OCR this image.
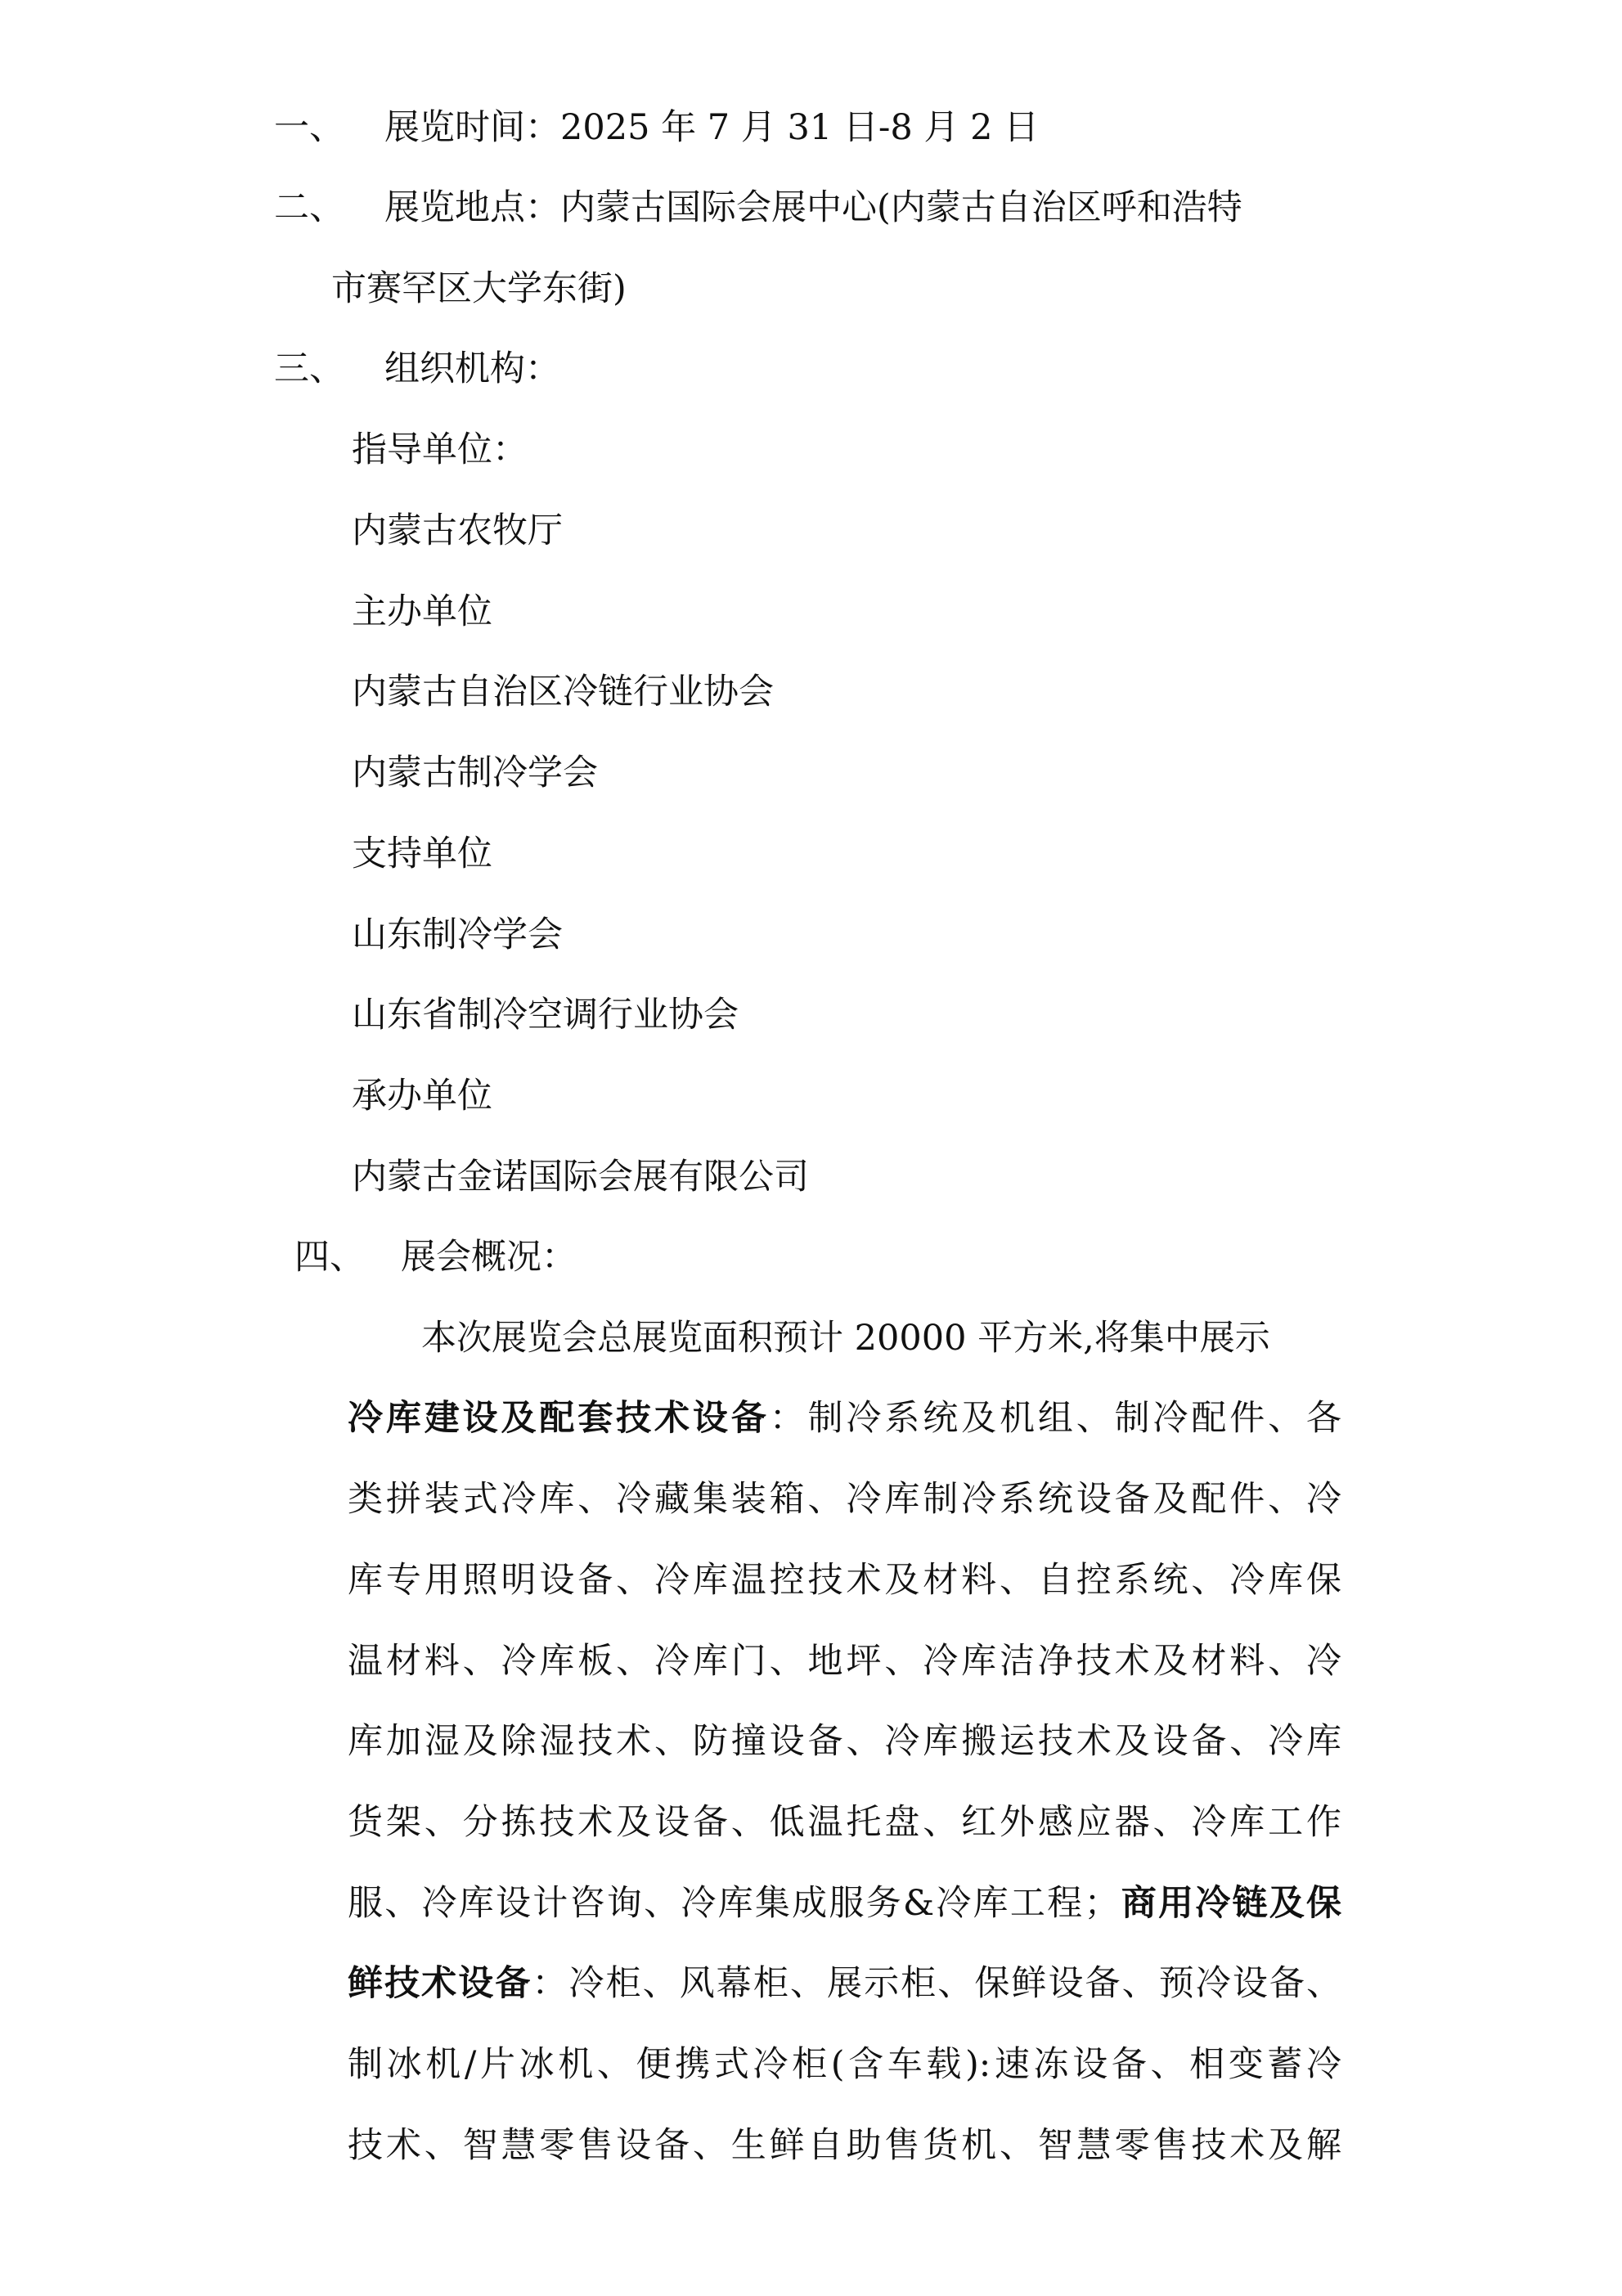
一、 展览时间：2025 年 7 月 31 日-8 月 2 日
二、 展览地点：内蒙古国际会展中心(内蒙古自治区呼和浩特
市赛罕区大学东街)
三、 组织机构：
指导单位：
内蒙古农牧厅
主办单位
内蒙古自治区冷链行业协会
内蒙古制冷学会
支持单位
山东制冷学会
山东省制冷空调行业协会
承办单位
内蒙古金诺国际会展有限公司
四、 展会概况：
本次展览会总展览面积预计 20000 平方米,将集中展示
冷库建设及配套技术设备：制冷系统及机组、制冷配件、各
类拼装式冷库、冷藏集装箱、冷库制冷系统设备及配件、冷
库专用照明设备、冷库温控技术及材料、自控系统、冷库保
温材料、冷库板、冷库门、地坪、冷库洁净技术及材料、冷
库加湿及除湿技术、防撞设备、冷库搬运技术及设备、冷库
货架、分拣技术及设备、低温托盘、红外感应器、冷库工作
服、冷库设计咨询、冷库集成服务&冷库工程；商用冷链及保
鲜技术设备：冷柜、风幕柜、展示柜、保鲜设备、预冷设备、
制冰机/片冰机、便携式冷柜(含车载):速冻设备、相变蓄冷
技术、智慧零售设备、生鲜自助售货机、智慧零售技术及解
